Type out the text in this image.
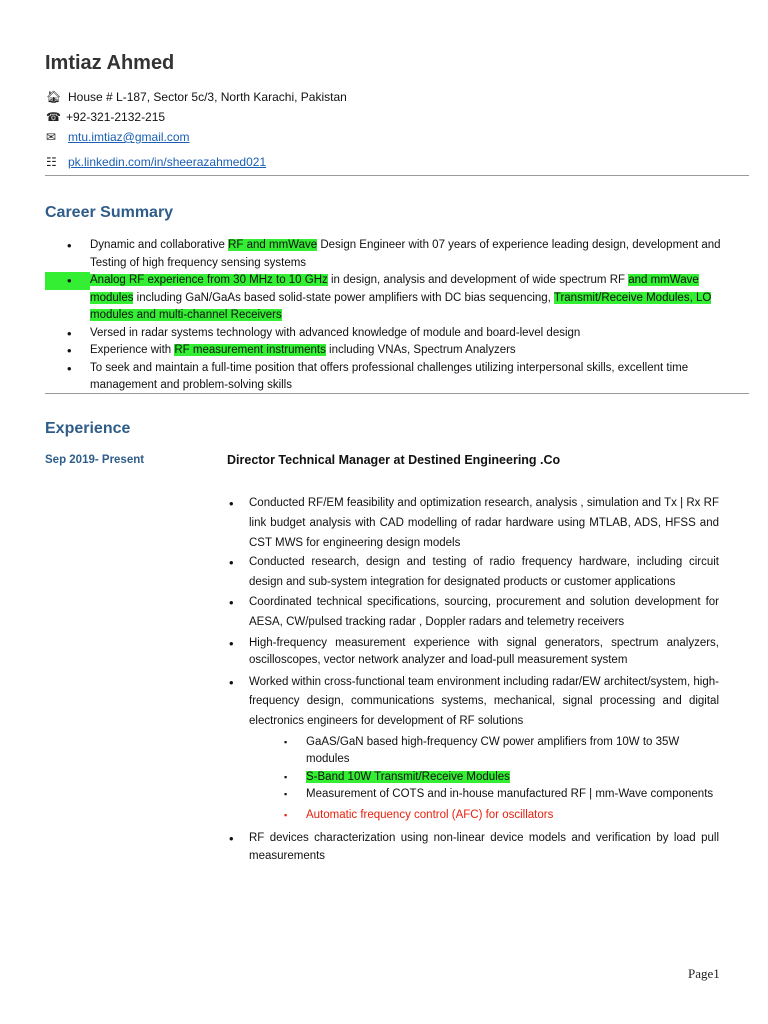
Imtiaz Ahmed
🏠︎ House # L-187, Sector 5c/3, North Karachi, Pakistan
☎ +92-321-2132-215
✉ mtu.imtiaz@gmail.com
☷ pk.linkedin.com/in/sheerazahmed021
Career Summary
• Dynamic and collaborative RF and mmWave Design Engineer with 07 years of experience leading design, development and Testing of high frequency sensing systems
• Analog RF experience from 30 MHz to 10 GHz in design, analysis and development of wide spectrum RF and mmWave modules including GaN/GaAs based solid-state power amplifiers with DC bias sequencing, Transmit/Receive Modules, LO modules and multi-channel Receivers
• Versed in radar systems technology with advanced knowledge of module and board-level design
• Experience with RF measurement instruments including VNAs, Spectrum Analyzers
• To seek and maintain a full-time position that offers professional challenges utilizing interpersonal skills, excellent time management and problem-solving skills
Experience
Sep 2019- Present	Director Technical Manager at Destined Engineering .Co
• Conducted RF/EM feasibility and optimization research, analysis , simulation and Tx | Rx RF link budget analysis with CAD modelling of radar hardware using MTLAB, ADS, HFSS and CST MWS for engineering design models
• Conducted research, design and testing of radio frequency hardware, including circuit design and sub-system integration for designated products or customer applications
• Coordinated technical specifications, sourcing, procurement and solution development for AESA, CW/pulsed tracking radar , Doppler radars and telemetry receivers
• High-frequency measurement experience with signal generators, spectrum analyzers, oscilloscopes, vector network analyzer and load-pull measurement system
• Worked within cross-functional team environment including radar/EW architect/system, high-frequency design, communications systems, mechanical, signal processing and digital electronics engineers for development of RF solutions
▪ GaAS/GaN based high-frequency CW power amplifiers from 10W to 35W modules
▪ S-Band 10W Transmit/Receive Modules
▪ Measurement of COTS and in-house manufactured RF | mm-Wave components
▪ Automatic frequency control (AFC) for oscillators
• RF devices characterization using non-linear device models and verification by load pull measurements
Page1
